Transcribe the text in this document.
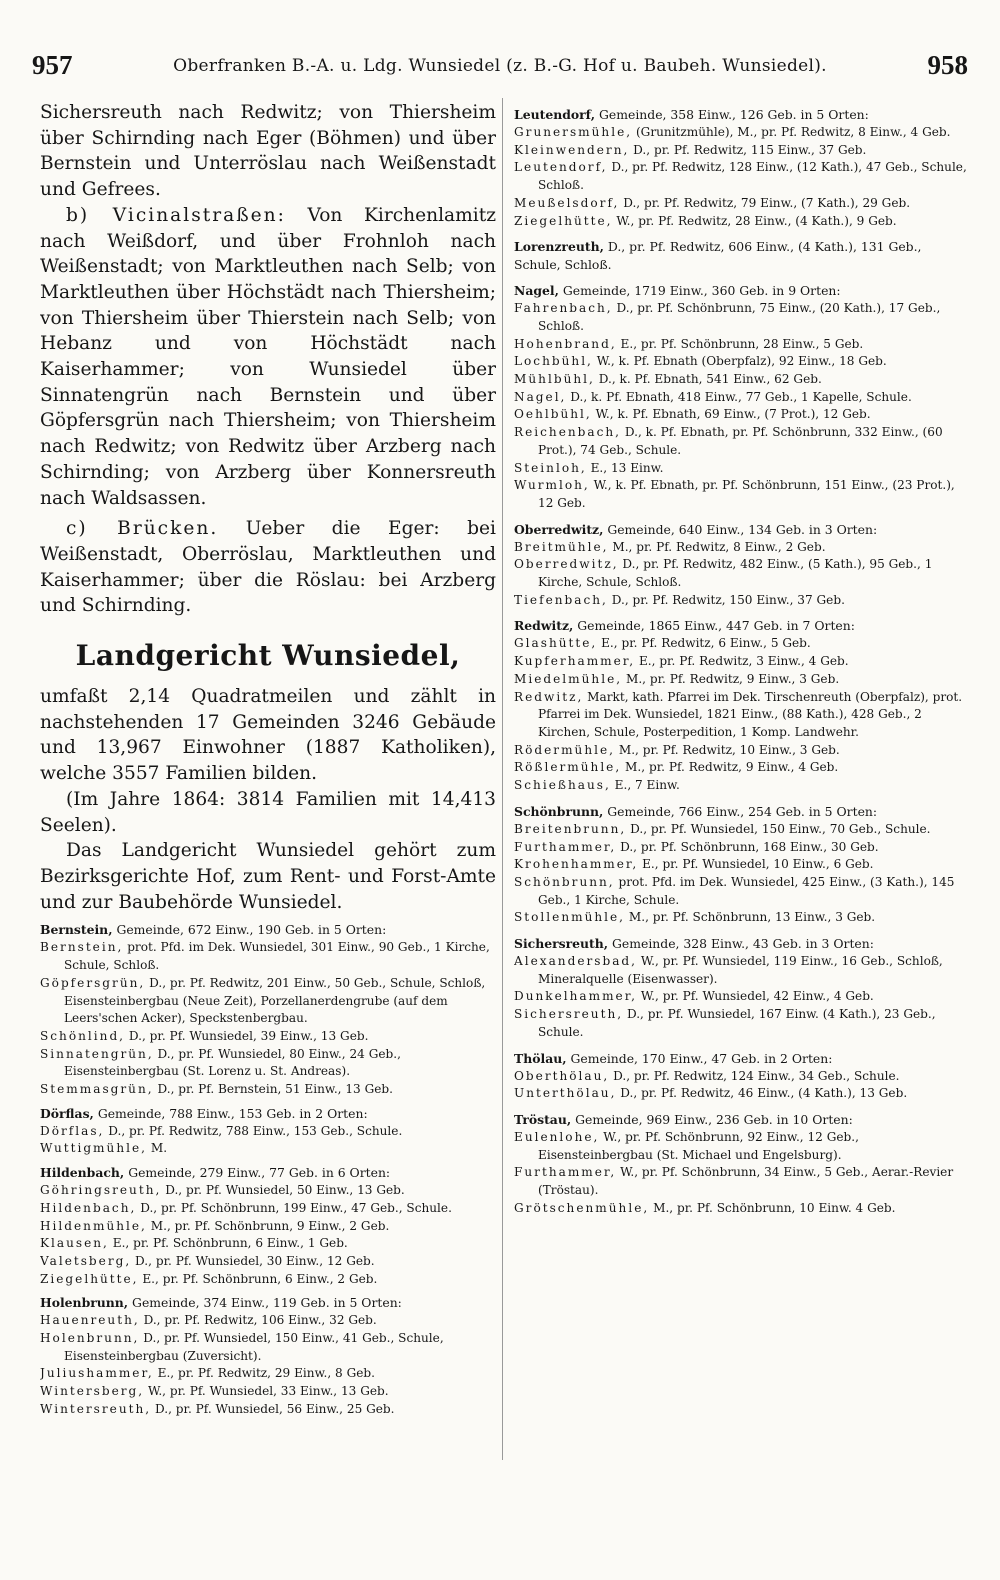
957	Oberfranken B.-A. u. Ldg. Wunsiedel (z. B.-G. Hof u. Baubeh. Wunsiedel).	958

Sichersreuth nach Redwitz; von Thiersheim über Schirnding nach Eger (Böhmen) und über Bernstein und Unterröslau nach Weißenstadt und Gefrees.

b) Vicinalstraßen: Von Kirchenlamitz nach Weißdorf, und über Frohnloh nach Weißenstadt; von Marktleuthen nach Selb; von Marktleuthen über Höchstädt nach Thiersheim; von Thiersheim über Thierstein nach Selb; von Hebanz und von Höchstädt nach Kaiserhammer; von Wunsiedel über Sinnatengrün nach Bernstein und über Göpfersgrün nach Thiersheim; von Thiersheim nach Redwitz; von Redwitz über Arzberg nach Schirnding; von Arzberg über Konnersreuth nach Waldsassen.

c) Brücken. Ueber die Eger: bei Weißenstadt, Oberröslau, Marktleuthen und Kaiserhammer; über die Röslau: bei Arzberg und Schirnding.

Landgericht Wunsiedel,

umfaßt 2,14 Quadratmeilen und zählt in nachstehenden 17 Gemeinden 3246 Gebäude und 13,967 Einwohner (1887 Katholiken), welche 3557 Familien bilden.

(Im Jahre 1864: 3814 Familien mit 14,413 Seelen).

Das Landgericht Wunsiedel gehört zum Bezirksgerichte Hof, zum Rent- und Forst-Amte und zur Baubehörde Wunsiedel.

Bernstein, Gemeinde, 672 Einw., 190 Geb. in 5 Orten:

Bernstein, prot. Pfd. im Dek. Wunsiedel, 301 Einw., 90 Geb., 1 Kirche, Schule, Schloß.

Göpfersgrün, D., pr. Pf. Redwitz, 201 Einw., 50 Geb., Schule, Schloß, Eisensteinbergbau (Neue Zeit), Porzellanerdengrube (auf dem Leers'schen Acker), Speckstenbergbau.

Schönlind, D., pr. Pf. Wunsiedel, 39 Einw., 13 Geb.

Sinnatengrün, D., pr. Pf. Wunsiedel, 80 Einw., 24 Geb., Eisensteinbergbau (St. Lorenz u. St. Andreas).

Stemmasgrün, D., pr. Pf. Bernstein, 51 Einw., 13 Geb.

Dörflas, Gemeinde, 788 Einw., 153 Geb. in 2 Orten:

Dörflas, D., pr. Pf. Redwitz, 788 Einw., 153 Geb., Schule.

Wuttigmühle, M.

Hildenbach, Gemeinde, 279 Einw., 77 Geb. in 6 Orten:

Göhringsreuth, D., pr. Pf. Wunsiedel, 50 Einw., 13 Geb.

Hildenbach, D., pr. Pf. Schönbrunn, 199 Einw., 47 Geb., Schule.

Hildenmühle, M., pr. Pf. Schönbrunn, 9 Einw., 2 Geb.

Klausen, E., pr. Pf. Schönbrunn, 6 Einw., 1 Geb.

Valetsberg, D., pr. Pf. Wunsiedel, 30 Einw., 12 Geb.

Ziegelhütte, E., pr. Pf. Schönbrunn, 6 Einw., 2 Geb.

Holenbrunn, Gemeinde, 374 Einw., 119 Geb. in 5 Orten:

Hauenreuth, D., pr. Pf. Redwitz, 106 Einw., 32 Geb.

Holenbrunn, D., pr. Pf. Wunsiedel, 150 Einw., 41 Geb., Schule, Eisensteinbergbau (Zuversicht).

Juliushammer, E., pr. Pf. Redwitz, 29 Einw., 8 Geb.

Wintersberg, W., pr. Pf. Wunsiedel, 33 Einw., 13 Geb.

Wintersreuth, D., pr. Pf. Wunsiedel, 56 Einw., 25 Geb.

Leutendorf, Gemeinde, 358 Einw., 126 Geb. in 5 Orten:

Grunersmühle, (Grunitzmühle), M., pr. Pf. Redwitz, 8 Einw., 4 Geb.

Kleinwendern, D., pr. Pf. Redwitz, 115 Einw., 37 Geb.

Leutendorf, D., pr. Pf. Redwitz, 128 Einw., (12 Kath.), 47 Geb., Schule, Schloß.

Meußelsdorf, D., pr. Pf. Redwitz, 79 Einw., (7 Kath.), 29 Geb.

Ziegelhütte, W., pr. Pf. Redwitz, 28 Einw., (4 Kath.), 9 Geb.

Lorenzreuth, D., pr. Pf. Redwitz, 606 Einw., (4 Kath.), 131 Geb., Schule, Schloß.

Nagel, Gemeinde, 1719 Einw., 360 Geb. in 9 Orten:

Fahrenbach, D., pr. Pf. Schönbrunn, 75 Einw., (20 Kath.), 17 Geb., Schloß.

Hohenbrand, E., pr. Pf. Schönbrunn, 28 Einw., 5 Geb.

Lochbühl, W., k. Pf. Ebnath (Oberpfalz), 92 Einw., 18 Geb.

Mühlbühl, D., k. Pf. Ebnath, 541 Einw., 62 Geb.

Nagel, D., k. Pf. Ebnath, 418 Einw., 77 Geb., 1 Kapelle, Schule.

Oehlbühl, W., k. Pf. Ebnath, 69 Einw., (7 Prot.), 12 Geb.

Reichenbach, D., k. Pf. Ebnath, pr. Pf. Schönbrunn, 332 Einw., (60 Prot.), 74 Geb., Schule.

Steinloh, E., 13 Einw.

Wurmloh, W., k. Pf. Ebnath, pr. Pf. Schönbrunn, 151 Einw., (23 Prot.), 12 Geb.

Oberredwitz, Gemeinde, 640 Einw., 134 Geb. in 3 Orten:

Breitmühle, M., pr. Pf. Redwitz, 8 Einw., 2 Geb.

Oberredwitz, D., pr. Pf. Redwitz, 482 Einw., (5 Kath.), 95 Geb., 1 Kirche, Schule, Schloß.

Tiefenbach, D., pr. Pf. Redwitz, 150 Einw., 37 Geb.

Redwitz, Gemeinde, 1865 Einw., 447 Geb. in 7 Orten:

Glashütte, E., pr. Pf. Redwitz, 6 Einw., 5 Geb.

Kupferhammer, E., pr. Pf. Redwitz, 3 Einw., 4 Geb.

Miedelmühle, M., pr. Pf. Redwitz, 9 Einw., 3 Geb.

Redwitz, Markt, kath. Pfarrei im Dek. Tirschenreuth (Oberpfalz), prot. Pfarrei im Dek. Wunsiedel, 1821 Einw., (88 Kath.), 428 Geb., 2 Kirchen, Schule, Posterpedition, 1 Komp. Landwehr.

Rödermühle, M., pr. Pf. Redwitz, 10 Einw., 3 Geb.

Rößlermühle, M., pr. Pf. Redwitz, 9 Einw., 4 Geb.

Schießhaus, E., 7 Einw.

Schönbrunn, Gemeinde, 766 Einw., 254 Geb. in 5 Orten:

Breitenbrunn, D., pr. Pf. Wunsiedel, 150 Einw., 70 Geb., Schule.

Furthammer, D., pr. Pf. Schönbrunn, 168 Einw., 30 Geb.

Krohenhammer, E., pr. Pf. Wunsiedel, 10 Einw., 6 Geb.

Schönbrunn, prot. Pfd. im Dek. Wunsiedel, 425 Einw., (3 Kath.), 145 Geb., 1 Kirche, Schule.

Stollenmühle, M., pr. Pf. Schönbrunn, 13 Einw., 3 Geb.

Sichersreuth, Gemeinde, 328 Einw., 43 Geb. in 3 Orten:

Alexandersbad, W., pr. Pf. Wunsiedel, 119 Einw., 16 Geb., Schloß, Mineralquelle (Eisenwasser).

Dunkelhammer, W., pr. Pf. Wunsiedel, 42 Einw., 4 Geb.

Sichersreuth, D., pr. Pf. Wunsiedel, 167 Einw. (4 Kath.), 23 Geb., Schule.

Thölau, Gemeinde, 170 Einw., 47 Geb. in 2 Orten:

Oberthölau, D., pr. Pf. Redwitz, 124 Einw., 34 Geb., Schule.

Unterthölau, D., pr. Pf. Redwitz, 46 Einw., (4 Kath.), 13 Geb.

Tröstau, Gemeinde, 969 Einw., 236 Geb. in 10 Orten:

Eulenlohe, W., pr. Pf. Schönbrunn, 92 Einw., 12 Geb., Eisensteinbergbau (St. Michael und Engelsburg).

Furthammer, W., pr. Pf. Schönbrunn, 34 Einw., 5 Geb., Aerar.-Revier (Tröstau).

Grötschenmühle, M., pr. Pf. Schönbrunn, 10 Einw. 4 Geb.
